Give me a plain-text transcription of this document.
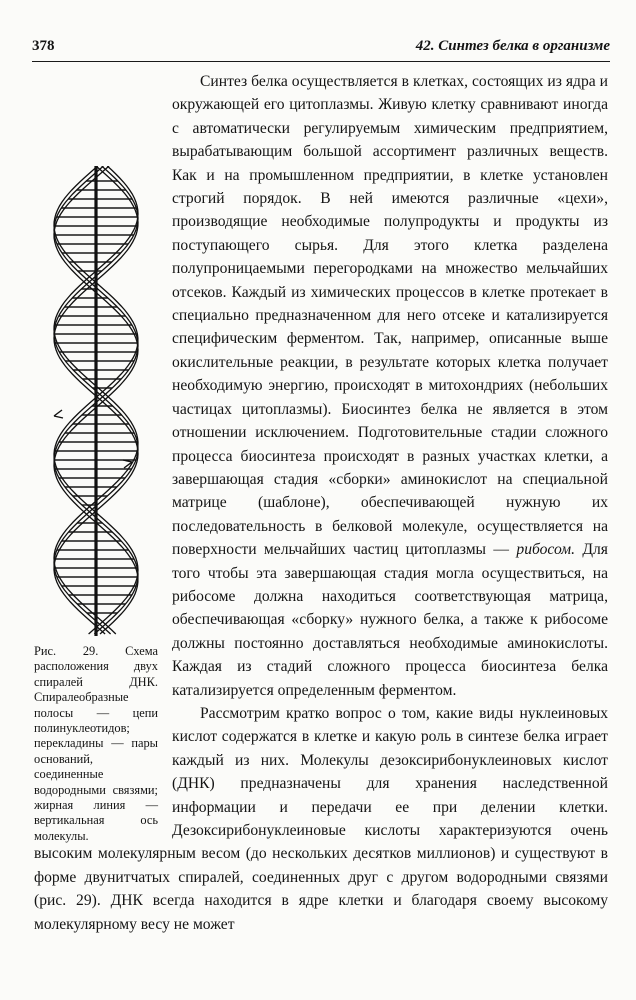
378	42. Синтез белка в организме
Рис. 29. Схема расположения двух спиралей ДНК. Спиралеобразные полосы — цепи полинуклеотидов; перекладины — пары оснований, соединенные водородными связями; жирная линия — вертикальная ось молекулы.

Синтез белка осуществляется в клетках, состоящих из ядра и окружающей его цитоплазмы. Живую клетку сравнивают иногда с автоматически регулируемым химическим предприятием, вырабатывающим большой ассортимент различных веществ. Как и на промышленном предприятии, в клетке установлен строгий порядок. В ней имеются различные «цехи», производящие необходимые полупродукты и продукты из поступающего сырья. Для этого клетка разделена полупроницаемыми перегородками на множество мельчайших отсеков. Каждый из химических процессов в клетке протекает в специально предназначенном для него отсеке и катализируется специфическим ферментом. Так, например, описанные выше окислительные реакции, в результате которых клетка получает необходимую энергию, происходят в митохондриях (небольших частицах цитоплазмы). Биосинтез белка не является в этом отношении исключением. Подготовительные стадии сложного процесса биосинтеза происходят в разных участках клетки, а завершающая стадия «сборки» аминокислот на специальной матрице (шаблоне), обеспечивающей нужную их последовательность в белковой молекуле, осуществляется на поверхности мельчайших частиц цитоплазмы — рибосом. Для того чтобы эта завершающая стадия могла осуществиться, на рибосоме должна находиться соответствующая матрица, обеспечивающая «сборку» нужного белка, а также к рибосоме должны постоянно доставляться необходимые аминокислоты. Каждая из стадий сложного процесса биосинтеза белка катализируется определенным ферментом.

Рассмотрим кратко вопрос о том, какие виды нуклеиновых кислот содержатся в клетке и какую роль в синтезе белка играет каждый из них. Молекулы дезоксирибонуклеиновых кислот (ДНК) предназначены для хранения наследственной информации и передачи ее при делении клетки. Дезоксирибонуклеиновые кислоты характеризуются очень высоким молекулярным весом (до нескольких десятков миллионов) и существуют в форме двунитчатых спиралей, соединенных друг с другом водородными связями (рис. 29). ДНК всегда находится в ядре клетки и благодаря своему высокому молекулярному весу не может
